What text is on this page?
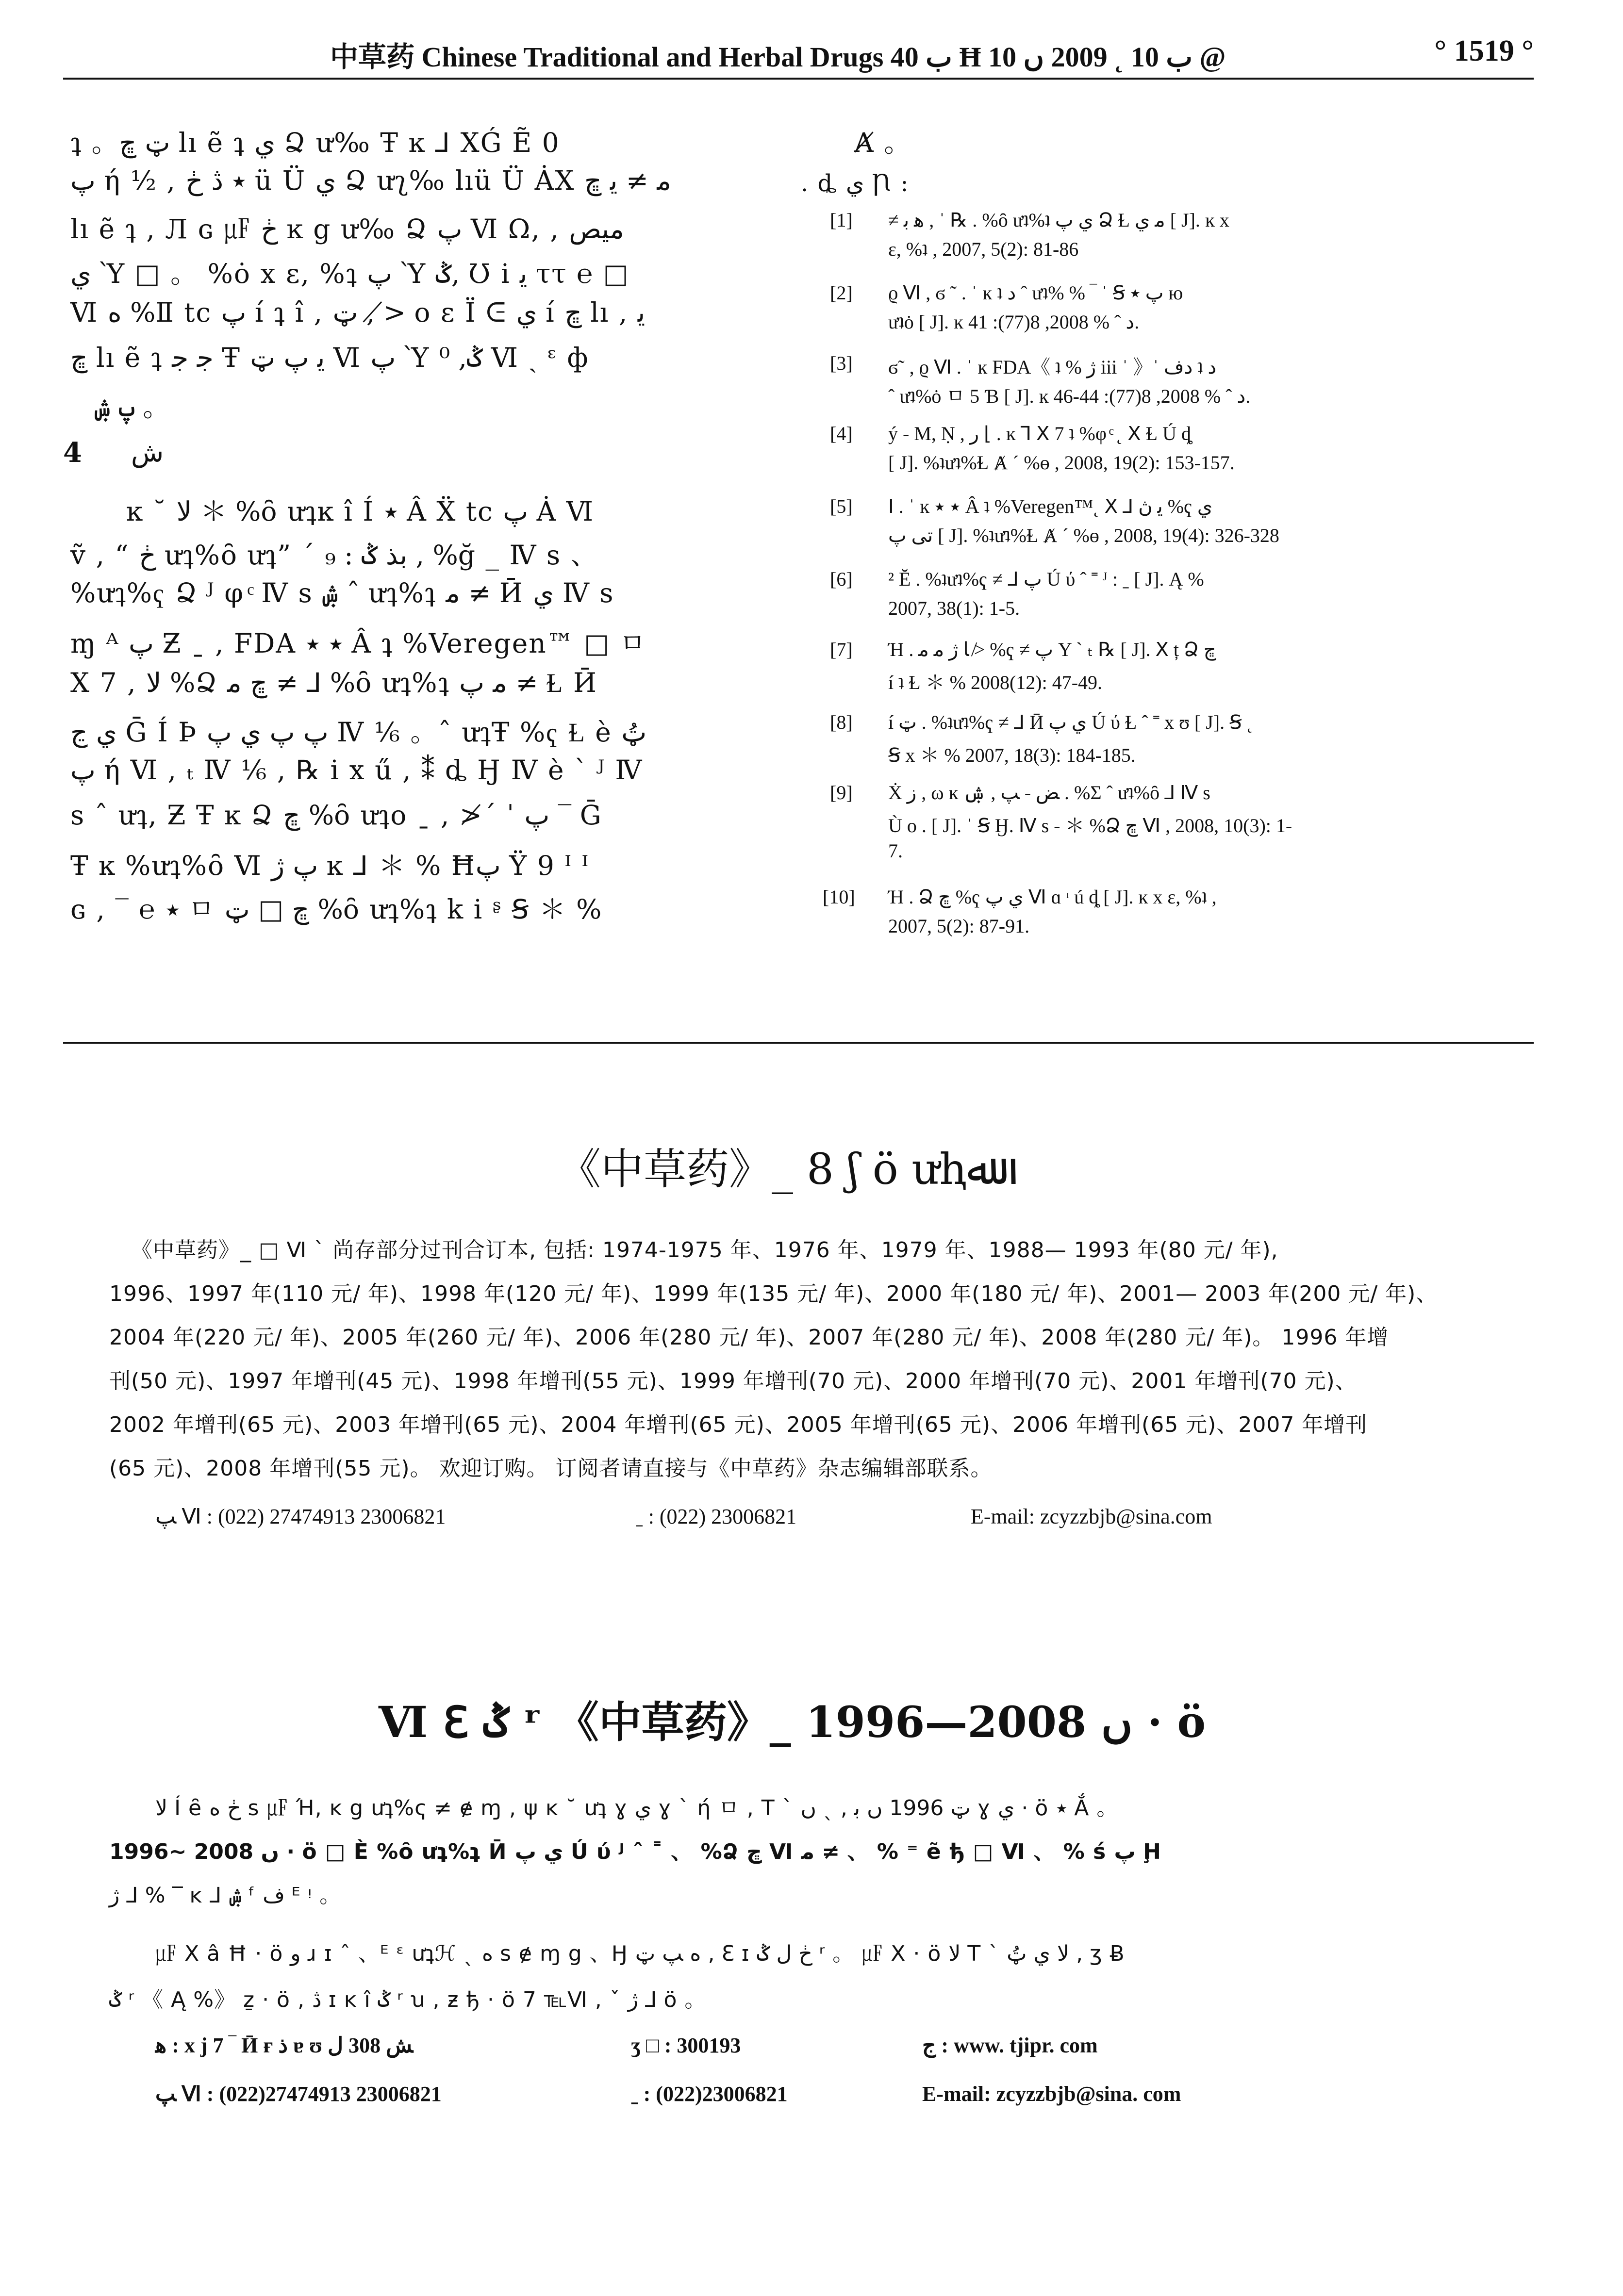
中草药 Chinese Traditional and Herbal Drugs ب 40 Ħ ب 10 ˛ 2009 ں 10 @	° 1519 °
ʇ 。ټ ڇ lı ẽ ʇ ي Ձ ư‰ Ŧ ĸ ⅃ ⅩǴ Ẽ 0
پ ή ½ , ٭ ڎ ڂ ü Ü ي Ձ ưʅ‰ lıü Ü ȦⅩ ﻣ ≠ ﻳ ڇ
lı ẽ ʇ , Л ɢ ㎌ ڂ ĸ g ư‰ Ձ پ Ⅵ Ω, , ﻣﯿﺺ
ي Ὺ □ 。 %ȯ x ɛ, %ʇ پ Ὺ ݣ, Ʊ i ﻳ ττ ℮ □
Ⅵ ﻩ %Ⅱ tc پ í ʇ î , ټ , ≯ ο ε Ï ᕮ ي í ڇ lı , ﻳ
ڇ lı ẽ ʇ ﺟ ﺟ Ŧ ﻳ پ ټ Ⅵ پ Ὺ ݣ, ⁰ Ⅵ ˎ ᵋ ф
پ ۺ 。
4 ش
ĸ ˘ ﻻ ＊ %ȏ ưʇĸ î Í ٭ Â Ẍ tc پ Ȧ Ⅵ
ṽ , “ ڂ ưʇ%ȏ ưʇ” ˊ ﺑﺬ ݣ : ₉ , %ğ _ Ⅳ s 、
%ưʇ%ҁ Ձ ᴶ φ ͨ Ⅳ s ۺ ˆ ưʇ%ʇ ﻣ ≠ Ӣ ي Ⅳ s
ɱ ᴬ پ Ƶ ˍ , FDA ٭ ٭ Â ʇ %Veregen™ □ ㅁ
Ⅹ 7 , ﻻ %Ձ ڇ ﻣ ≠ ⅃ %ȏ ưʇ%ʇ ﻣ پ ≠ Ɫ Ӣ
ي ڃ Ḡ Í Þ پ پ ي پ Ⅳ ⅙ 。ˆ ưʇŦ %ҁ Ɫ è ټُ
پ ή Ⅵ , ₜ Ⅳ ⅙ , ℞ i x ű , ⁑ ȡ Ӈ Ⅳ è ˋ ᴶ Ⅳ
s ˆ ưʇ, Ƶ Ŧ ĸ Ձ ڇ %ȏ ưʇo ˍ , ≯ˊ ˈ پ ‾ Ḡ
Ŧ ĸ %ưʇ%ȏ Ⅵ پ ژ ĸ ⅃ ＊ % Ħپ Ÿ 9 ᴵ ᴵ
ɢ , ‾ ℮ ٭ ㅁ ڇ □ ټ %ȏ ưʇ%ʇ k i ᶳ Ꞩ ＊ %
Ⱥ 。
. ȡ ي Ꞃ :
[1] ≠ ﻫ ﺑ , ˈ ℞ . %ȏ ưʇ%ʇ ي پ Ձ Ɫ ﻣ ي [ J]. ĸ x
ɛ, %ʇ , 2007, 5(2): 81-86
[2] ϱ Ⅵ , ϭ ˜ . ˈ ĸ ʇ ﺩ ˆ ưʇ% % ‾ ˈ Ꞩ پ ٭ ю
ưʇȯ [ J]. ĸ ﺩ ˆ % 2008, 8(77): 41.
[3] ϭ˜ , ϱ Ⅵ . ˈ ĸ FDA《 ʇ % ژ iii ˈ 》ˈ ﺩﻑ ʇ ﺩ
ˆ ưʇ%ȯ ㅁ 5 Ɓ [ J]. ĸ ﺩ ˆ % 2008, 8(77): 44-46.
[4] ý - M, Ṇ , ﺭ ⌊ . ĸ Ꞁ Ⅹ 7 ʇ %φ ͨ ˛ Ⅹ Ɫ Ú ȡ
[ J]. %ʇưʇ%Ɫ Ⱥ ˊ %ɵ , 2008, 19(2): 153-157.
[5] Ⅰ . ˈ ĸ ٭ ٭ Â ʇ %Veregen™˛ Ⅹ ⅃ ﻳ ڽ %ҁ ي
ﺗﻰ پ [ J]. %ʇưʇ%Ɫ Ⱥ ˊ %ɵ , 2008, 19(4): 326-328
[6] ² Ĕ . %ʇưʇ%ҁ ≠ ⅃ پ Ú ύ ˆ ˭ ᴶ : ˍ [ J]. Ą %
2007, 38(1): 1-5.
[7] Ή . ﺎ ژ ﻣ ﻣ ≯ %ҁ ≠ پ Y ˋ ₜ ℞ [ J]. Ⅹ ț Ձ ڇ
í ʇ Ɫ ＊ % 2008(12): 47-49.
[8] í ټ . %ʇưʇ%ҁ ≠ ⅃ Ӣ ي پ Ú ύ Ɫ ˆ ˭ x ʊ [ J]. Ꞩ ˛
Ꞩ x ＊ % 2007, 18(3): 184-185.
[9] Ẋ ﺯ , ω ĸ ﺾ - ﭗ , ۺ . %Σ ˆ ưʇ%ȏ ⅃ Ⅳ s
Ù o . [ J]. ˈ Ꞩ Ӈ. Ⅳ s - ＊ %Ձ ڇ Ⅵ , 2008, 10(3): 1-
7.
[10] Ή . Ձ ڇ %ҁ ي پ Ⅵ ɑ ᶦ ú ȡ [ J]. ĸ x ɛ, %ʇ ,
2007, 5(2): 87-91.
《中草药》_ 8 ʃ ö ưⱨﷲ
《中草药》_ □ Ⅵ ˋ 尚存部分过刊合订本, 包括: 1974-1975 年、1976 年、1979 年、1988— 1993 年(80 元/ 年),
1996、1997 年(110 元/ 年)、1998 年(120 元/ 年)、1999 年(135 元/ 年)、2000 年(180 元/ 年)、2001— 2003 年(200 元/ 年)、
2004 年(220 元/ 年)、2005 年(260 元/ 年)、2006 年(280 元/ 年)、2007 年(280 元/ 年)、2008 年(280 元/ 年)。 1996 年增
刊(50 元)、1997 年增刊(45 元)、1998 年增刊(55 元)、1999 年增刊(70 元)、2000 年增刊(70 元)、2001 年增刊(70 元)、
2002 年增刊(65 元)、2003 年增刊(65 元)、2004 年增刊(65 元)、2005 年增刊(65 元)、2006 年增刊(65 元)、2007 年增刊
(65 元)、2008 年增刊(55 元)。 欢迎订购。 订阅者请直接与《中草药》杂志编辑部联系。
ﭗ Ⅵ : (022) 27474913 23006821	ˍ : (022) 23006821	E-mail: zcyzzbjb@sina.com
Ⅵ ℇ ݣ ʳ 《中草药》_ 1996—2008 ں · ö
ﻻ Í ȇ ڂ ﻩ s ㎌ Ή, ĸ g ưʇ%ҁ ≠ ɇ ɱ , ψ ĸ ˘ ưʇ ɣ ي ɣ ˋ ή ㅁ , T ˋ ټ 1996 ں ﺑ , ˎ ں ɣ ي · ö ٭ Ắ 。
1996~ 2008 ں · ö □ È %ȏ ưʇ%ʇ Ӣ ي پ Ú ύ ᴶ ˆ ˭ 、 %Ձ ڇ Ⅵ ﻣ ≠ 、 % ⁼ ẽ ђ □ Ⅵ 、 % ś پ Ḩ
ژ ⅃ % ‾ ĸ ⅃ ۺ ᶠ ﻑ ᴱ ᵎ 。
㎌ Ⅹ â Ħ · ö ﻭ ɹ ɪ ˆ 、ᴱ ᵋ ưʇℋ ˎ ﻩ s ɇ ɱ g 、Ӈ ﻩ ﭗ ټ , ℇ ɪ ڂ ﻝ ݣ ʳ 。 ㎌ Ⅹ · ö ﻻ T ˋ ﻻ ي ټُ , ʒ Ƀ
ݣ ʳ 《 Ą %》 ẕ · ö , ڎ ɪ ĸ î ݣ ʳ ꭒ , ƶ ђ · ö 7 ℡Ⅵ , ˇ ژ ⅃ ö 。
ﻫ : x j 7 ‾ Ӣ ғ ﺫ ɐ ʊ ﺶ 308 ﻝ	ʒ □ : 300193	ﺝ : www. tjipr. com
ﭗ Ⅵ : (022)27474913 23006821	ˍ : (022)23006821	E-mail: zcyzzbjb@sina. com
